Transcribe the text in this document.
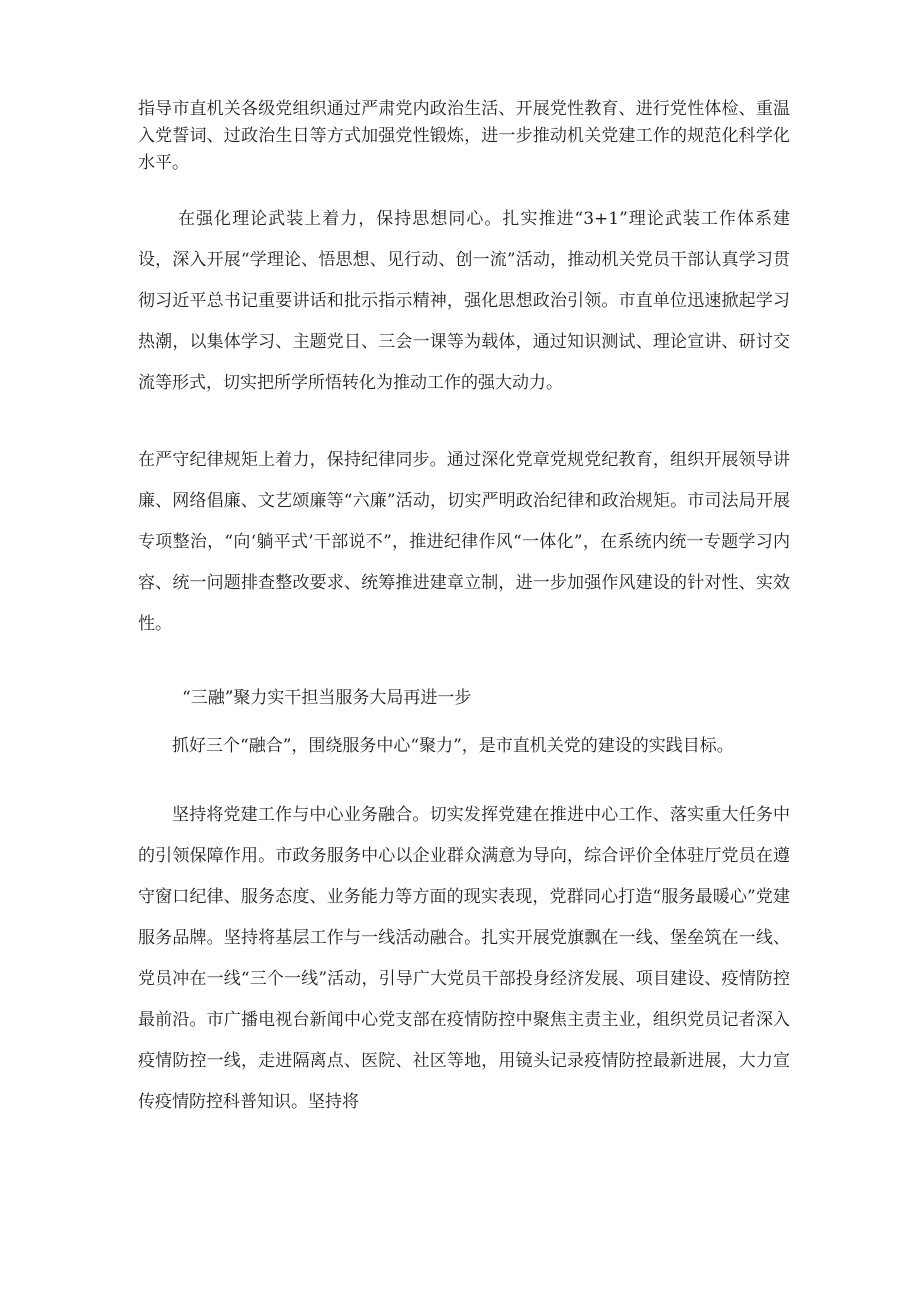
指导市直机关各级党组织通过严肃党内政治生活、开展党性教育、进行党性体检、重温入党誓词、过政治生日等方式加强党性锻炼，进一步推动机关党建工作的规范化科学化水平。

在强化理论武装上着力，保持思想同心。扎实推进“3+1”理论武装工作体系建设，深入开展“学理论、悟思想、见行动、创一流”活动，推动机关党员干部认真学习贯彻习近平总书记重要讲话和批示指示精神，强化思想政治引领。市直单位迅速掀起学习热潮，以集体学习、主题党日、三会一课等为载体，通过知识测试、理论宣讲、研讨交流等形式，切实把所学所悟转化为推动工作的强大动力。

在严守纪律规矩上着力，保持纪律同步。通过深化党章党规党纪教育，组织开展领导讲廉、网络倡廉、文艺颂廉等“六廉”活动，切实严明政治纪律和政治规矩。市司法局开展专项整治，“向‘躺平式’干部说不”，推进纪律作风“一体化”，在系统内统一专题学习内容、统一问题排查整改要求、统筹推进建章立制，进一步加强作风建设的针对性、实效性。

“三融”聚力实干担当服务大局再进一步

抓好三个“融合”，围绕服务中心“聚力”，是市直机关党的建设的实践目标。

坚持将党建工作与中心业务融合。切实发挥党建在推进中心工作、落实重大任务中的引领保障作用。市政务服务中心以企业群众满意为导向，综合评价全体驻厅党员在遵守窗口纪律、服务态度、业务能力等方面的现实表现，党群同心打造“服务最暖心”党建服务品牌。坚持将基层工作与一线活动融合。扎实开展党旗飘在一线、堡垒筑在一线、党员冲在一线“三个一线”活动，引导广大党员干部投身经济发展、项目建设、疫情防控最前沿。市广播电视台新闻中心党支部在疫情防控中聚焦主责主业，组织党员记者深入疫情防控一线，走进隔离点、医院、社区等地，用镜头记录疫情防控最新进展，大力宣传疫情防控科普知识。坚持将
